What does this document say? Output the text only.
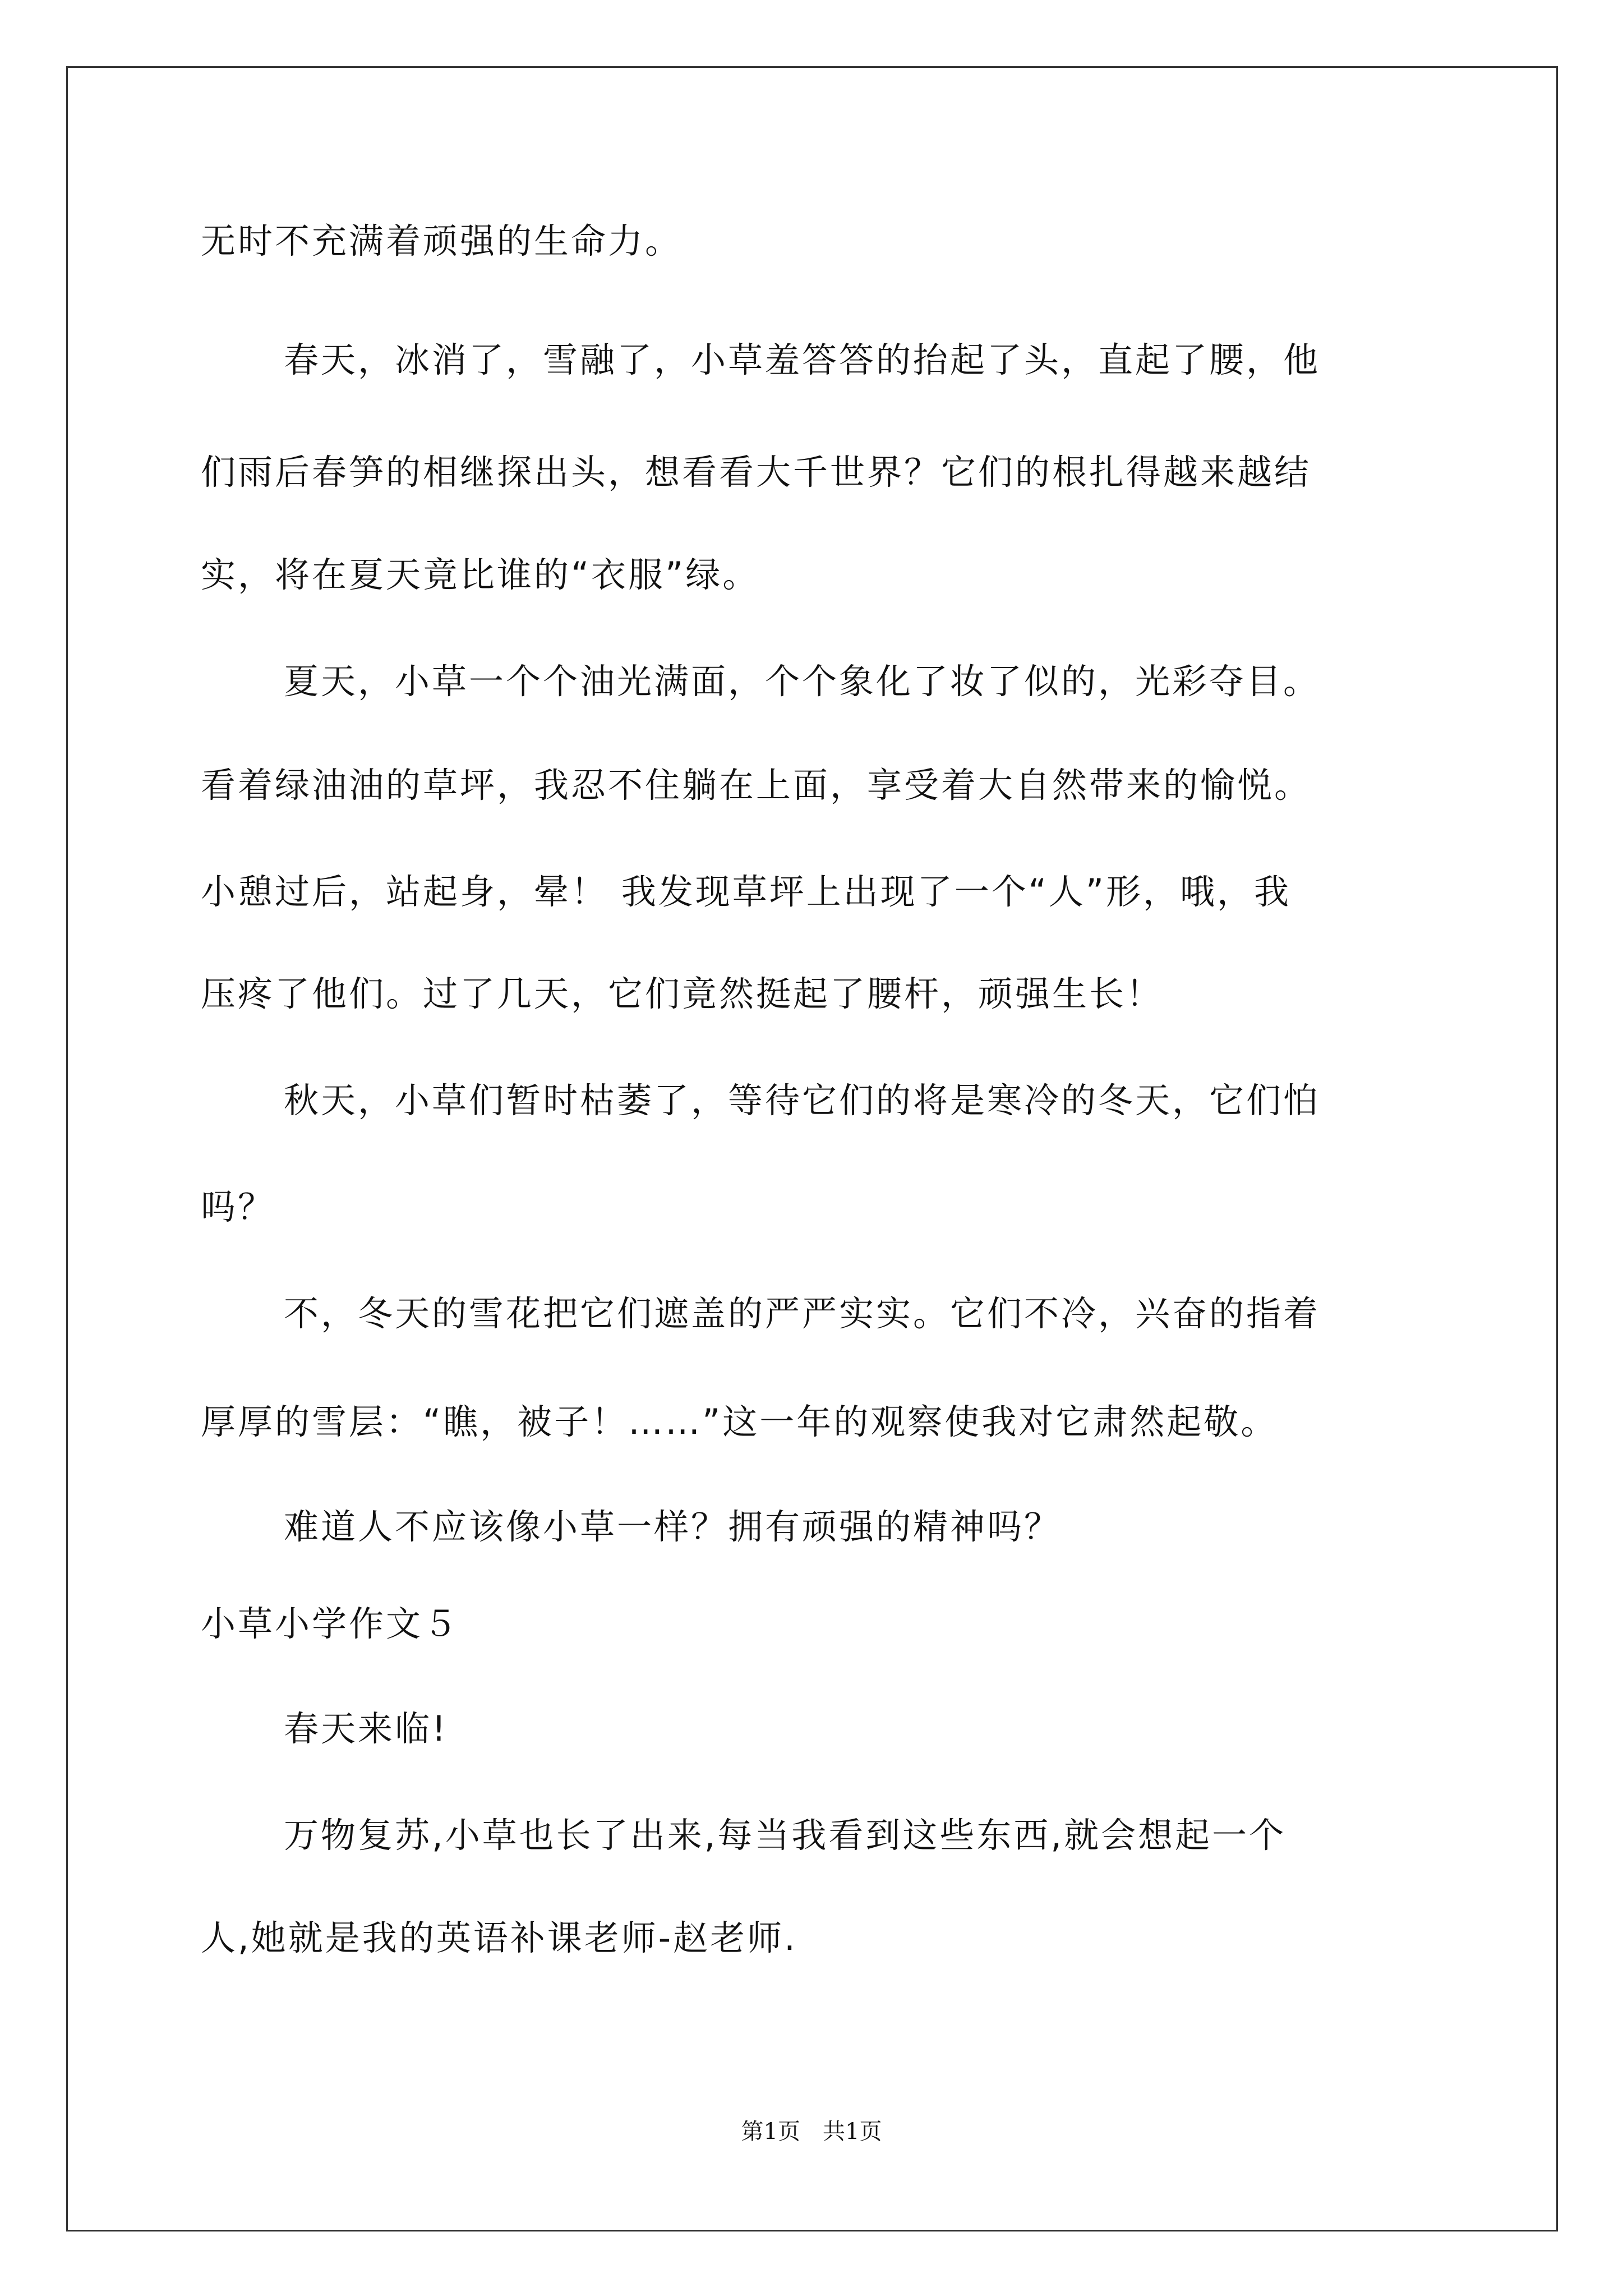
无时不充满着顽强的生命力。
春天，冰消了，雪融了，小草羞答答的抬起了头，直起了腰，他
们雨后春笋的相继探出头，想看看大千世界？它们的根扎得越来越结
实，将在夏天竟比谁的“衣服”绿。
夏天，小草一个个油光满面，个个象化了妆了似的，光彩夺目。
看着绿油油的草坪，我忍不住躺在上面，享受着大自然带来的愉悦。
小憩过后，站起身，晕！ 我发现草坪上出现了一个“人”形，哦，我
压疼了他们。过了几天，它们竟然挺起了腰杆，顽强生长！
秋天，小草们暂时枯萎了，等待它们的将是寒冷的冬天，它们怕
吗？
不，冬天的雪花把它们遮盖的严严实实。它们不冷，兴奋的指着
厚厚的雪层：“瞧，被子！……”这一年的观察使我对它肃然起敬。
难道人不应该像小草一样？拥有顽强的精神吗？
小草小学作文５
春天来临!
万物复苏,小草也长了出来,每当我看到这些东西,就会想起一个
人,她就是我的英语补课老师-赵老师.
第1页　共1页
